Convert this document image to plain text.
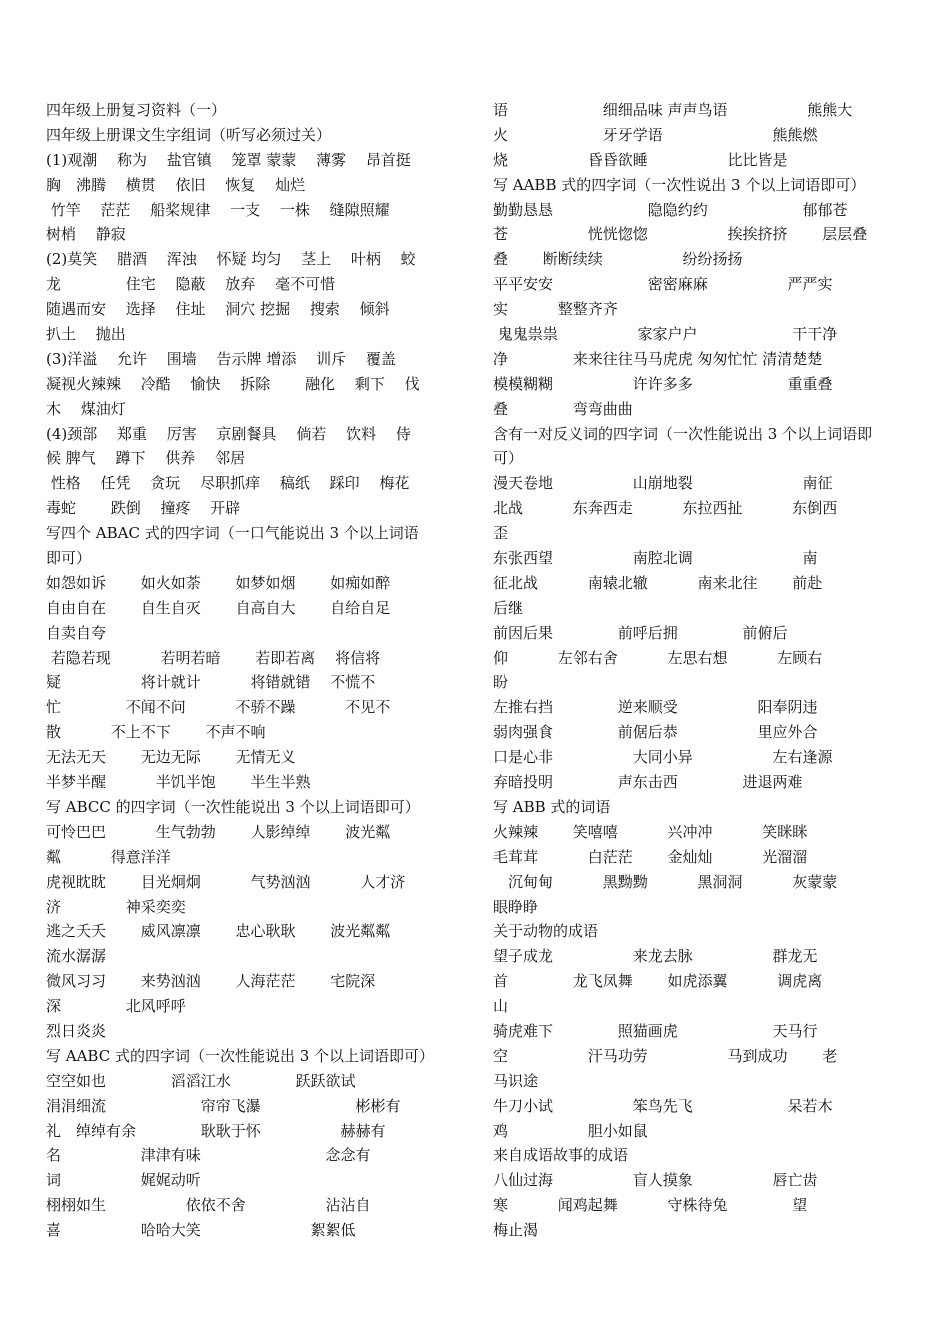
四年级上册复习资料（一）
四年级上册课文生字组词（听写必须过关）
(1)观潮　 称为　 盐官镇　 笼罩 蒙蒙　 薄雾　 昂首挺
胸　沸腾　 横贯　 依旧　 恢复　 灿烂
竹竿　 茫茫　 船桨规律　 一支　 一株　 缝隙照耀
树梢　 静寂
(2)莫笑　 腊酒　 浑浊　 怀疑 均匀　 茎上　 叶柄　 蛟
龙　　　　 住宅　 隐蔽　 放弃　 毫不可惜
随遇而安　 选择　 住址　 洞穴 挖掘　 搜索　 倾斜
扒土　 抛出
(3)洋溢　 允许　 围墙　 告示牌 增添　 训斥　 覆盖
凝视火辣辣　 冷酷　 愉快　 拆除　　 融化　 剩下　 伐
木　 煤油灯
(4)颈部　 郑重　 厉害　 京剧餐具　 倘若　 饮料　 侍
候 脾气　 蹲下　 供养　 邻居
性格　 任凭　 贪玩　 尽职抓痒　 稿纸　 踩印　 梅花
毒蛇　　 跌倒　 撞疼　 开辟
写四个 ABAC 式的四字词（一口气能说出 3 个以上词语
即可）
如怨如诉　　 如火如荼　　 如梦如烟　　 如痴如醉
自由自在　　 自生自灭　　 自高自大　　 自给自足
自卖自夸
若隐若现　　　 若明若暗　　 若即若离　 将信将
疑　　　　　 将计就计　　　 将错就错　 不慌不
忙　　　　 不闻不问　　　 不骄不躁　　　 不见不
散　　　 不上不下　　 不声不响
无法无天　　 无边无际　　 无情无义
半梦半醒　　　 半饥半饱　　 半生半熟
写 ABCC 的四字词（一次性能说出 3 个以上词语即可）
可怜巴巴　　　 生气勃勃　　 人影绰绰　　 波光粼
粼　　　 得意洋洋
虎视眈眈　　 目光炯炯　　　 气势汹汹　　　 人才济
济　　　　 神采奕奕
逃之夭夭　　 威风凛凛　　 忠心耿耿　　 波光粼粼
流水潺潺
微风习习　　 来势汹汹　　 人海茫茫　　 宅院深
深　　　　 北风呼呼
烈日炎炎
写 AABC 式的四字词（一次性能说出 3 个以上词语即可）
空空如也　　　　 滔滔江水　　　　 跃跃欲试
涓涓细流　　　　　　 帘帘飞瀑　　　　　　 彬彬有
礼　绰绰有余　　　　 耿耿于怀　　　　　 赫赫有
名　　　　　 津津有味　　　　　　　　 念念有
词　　　　　 娓娓动听
栩栩如生　　　　　 依依不舍　　　　　 沾沾自
喜　　　　　 哈哈大笑　　　　　　　 絮絮低
语　　　　　　 细细品味 声声鸟语　　　　　 熊熊大
火　　　　　　 牙牙学语　　　　　　　 熊熊燃
烧　　　　　 昏昏欲睡　　　　　 比比皆是
写 AABB 式的四字词（一次性说出 3 个以上词语即可）
勤勤恳恳　　　　　　 隐隐约约　　　　　　 郁郁苍
苍　　　　　 恍恍惚惚　　　　　 挨挨挤挤　　 层层叠
叠　　 断断续续　　　　　 纷纷扬扬
平平安安　　　　　　 密密麻麻　　　　　 严严实
实　　　 整整齐齐
鬼鬼祟祟　　　　　 家家户户　　　　　　 干干净
净　　　　 来来往往马马虎虎 匆匆忙忙 清清楚楚
模模糊糊　　　　　 许许多多　　　　　　 重重叠
叠　　　　 弯弯曲曲
含有一对反义词的四字词（一次性能说出 3 个以上词语即
可）
漫天卷地　　　　　 山崩地裂　　　　　　　 南征
北战　　　 东奔西走　　　 东拉西扯　　　 东倒西
歪
东张西望　　　　　 南腔北调　　　　　　　 南
征北战　　　 南辕北辙　　　 南来北往　　 前赴
后继
前因后果　　　　 前呼后拥　　　　 前俯后
仰　　　 左邻右舍　　　 左思右想　　　 左顾右
盼
左推右挡　　　　 逆来顺受　　　　　 阳奉阴违
弱肉强食　　　　 前倨后恭　　　　　 里应外合
口是心非　　　　　 大同小异　　　　　 左右逢源
弃暗投明　　　　 声东击西　　　　 进退两难
写 ABB 式的词语
火辣辣　　 笑嘻嘻　　　 兴冲冲　　　 笑眯眯
毛茸茸　　　 白茫茫　　 金灿灿　　　 光溜溜
　沉甸甸　　　 黑黝黝　　　 黑洞洞　　　 灰蒙蒙
眼睁睁
关于动物的成语
望子成龙　　　　　 来龙去脉　　　　　 群龙无
首　　　　 龙飞凤舞　　 如虎添翼　　　 调虎离
山
骑虎难下　　　　 照猫画虎　　　　　　 天马行
空　　　　　 汗马功劳　　　　　 马到成功　　 老
马识途
牛刀小试　　　　　 笨鸟先飞　　　　　　 呆若木
鸡　　　　　 胆小如鼠
来自成语故事的成语
八仙过海　　　　　 盲人摸象　　　　　 唇亡齿
寒　　　 闻鸡起舞　　　 守株待兔　　　　 望
梅止渴
